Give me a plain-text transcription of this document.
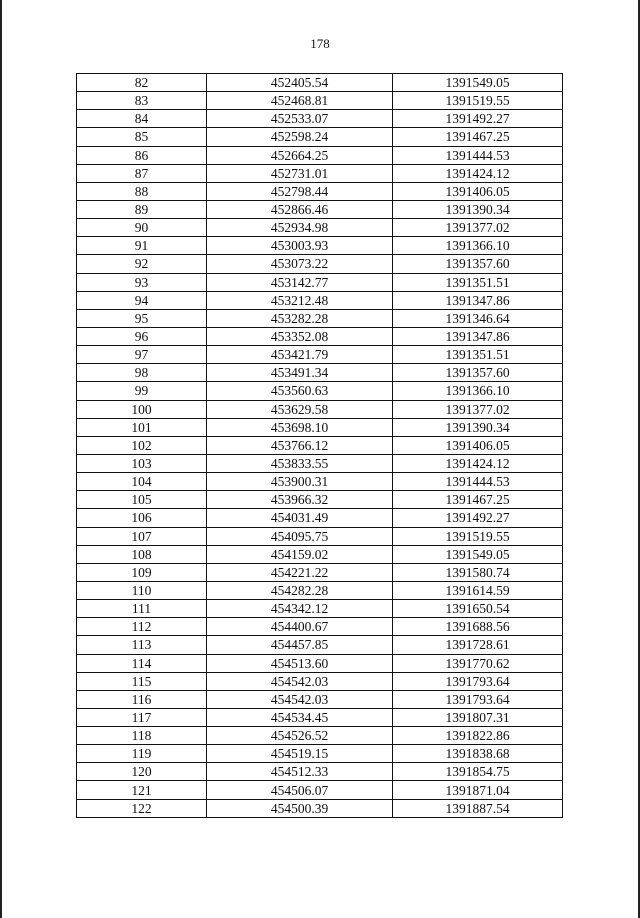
178
82	452405.54	1391549.05
83	452468.81	1391519.55
84	452533.07	1391492.27
85	452598.24	1391467.25
86	452664.25	1391444.53
87	452731.01	1391424.12
88	452798.44	1391406.05
89	452866.46	1391390.34
90	452934.98	1391377.02
91	453003.93	1391366.10
92	453073.22	1391357.60
93	453142.77	1391351.51
94	453212.48	1391347.86
95	453282.28	1391346.64
96	453352.08	1391347.86
97	453421.79	1391351.51
98	453491.34	1391357.60
99	453560.63	1391366.10
100	453629.58	1391377.02
101	453698.10	1391390.34
102	453766.12	1391406.05
103	453833.55	1391424.12
104	453900.31	1391444.53
105	453966.32	1391467.25
106	454031.49	1391492.27
107	454095.75	1391519.55
108	454159.02	1391549.05
109	454221.22	1391580.74
110	454282.28	1391614.59
111	454342.12	1391650.54
112	454400.67	1391688.56
113	454457.85	1391728.61
114	454513.60	1391770.62
115	454542.03	1391793.64
116	454542.03	1391793.64
117	454534.45	1391807.31
118	454526.52	1391822.86
119	454519.15	1391838.68
120	454512.33	1391854.75
121	454506.07	1391871.04
122	454500.39	1391887.54
